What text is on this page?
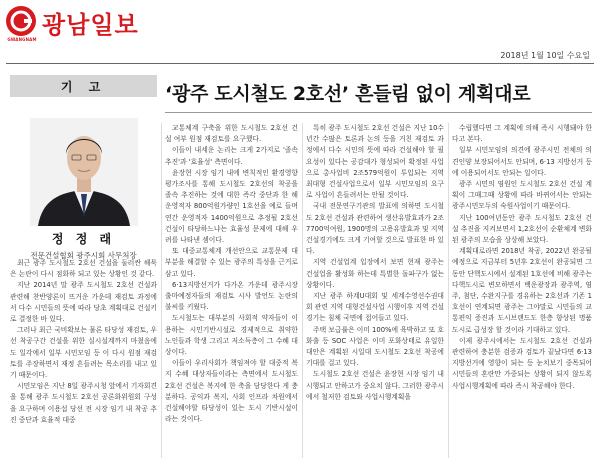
광남일보
GWANGNAM
2018년 1월 10일 수요일
기 고	‘광주 도시철도 2호선’ 흔들림 없이 계획대로
정 정 래
전문건설협회 광주시회 사무처장

최근 광주 도시철도 2호선 건설을 둘러싼 해묵은 논란이 다시 점화하 되고 있는 상황인 것 같다.

지난 2014년 말 광주 도시철도 2호선 건설과 관련해 찬반양론이 뜨거운 가운데 재검토 과정에서 다수 시민들의 뜻에 따라 당초 계획대로 건설키로 결정한 바 있다.

그러나 최근 국비확보는 물론 타당성 재검토, 우선 착공구간 건설을 위한 실시설계까지 마쳤음에도 일각에서 일부 시민모임 등 이 다시 원점 재검토를 주장하면서 재정 흔들려는 목소리를 내고 있기 때문이다.

시민모임은 지난 8일 광주시청 앞에서 기자회견을 통해 광주 도시철도 2호선 공론화위원회 구성을 요구하며 이용섭 당선 전 시장 임기 내 착공 추진 중단과 효율적 대중

교통체계 구축을 위한 도시철도 2호선 건설 여부 원점 재검토를 요구했다.

이들이 내세운 논리는 크게 2가지로 '졸속 추진'과 '효율성' 측면이다.

윤장현 시장 임기 내에 변칙적인 환경영향평가조사를 통해 도시철도 2호선의 착공을 졸속 추진하는 것에 대한 즉각 중단과 한 해 운영적자 800억원가량인 1호선을 예로 들며 연간 운영적자 1400억원으로 추정될 2호선 건설이 타당하느냐는 효율성 문제에 대해 우려를 나타낸 셈이다.

또 대중교통체계 개선안으로 교통문제 대부분을 해결할 수 있는 광주의 특성을 근거로 삼고 있다.

6·13지방선거가 다가온 가운데 광주시장 출마예정자들의 재검토 시사 발언도 논란의 불씨를 키웠다.

도시철도는 대부분의 사회적 약자들이 이용하는 시민기반시설로 경제적으로 취약한 노인들과 학생 그리고 저소득층이 그 수혜 대상이다.

이들이 우리사회가 책임져야 할 대중적 복지 수혜 대상자들이라는 측면에서 도시철도 2호선 건설은 복지에 한 축을 담당한다 게 충분하다. 공익과 복지, 사회 인프라 차원에서 건설해야할 타당성이 있는 도시 기반시설이라는 것이다.

특히 광주 도시철도 2호선 건설은 지난 10수년간 수많은 토론과 논의 등을 거친 재검토 과정에서 다수 시민의 뜻에 따라 건설해야 할 필요성이 있다는 공감대가 형성되어 확정된 사업으로 총사업비 2조579억원이 투입되는 지역 최대형 건설사업으로서 일부 시민모임의 요구로 사업이 흔들려서는 안될 것이다.

국내 전문연구기관의 발표에 의하면 도시철도 2호선 건설과 관련하여 생산유발효과가 2조7700억여원, 1900명의 고용유발효과 및 지역 건설경기에도 크게 기여할 것으로 발표한 바 있다.

지역 건설업계 입장에서 보면 현재 광주는 건설업을 활성화 하는데 특별한 돌파구가 없는 상황이다.

지난 광주 하계U대회 및 세계수영선수권대회 관련 지역 대형건설사업 시행이후 지역 건설경기는 침체 국면에 접어들고 있다.

주택 보급률은 이미 100%에 육박하고 또 호화출 등 SOC 사업은 이미 포화상태로 유일한 대안은 계획된 시일대 도시철도 2호선 착공에 기대를 걸고 있다.

도시철도 2호선 건설은 윤장현 시장 임기 내 시행되고 안하고가 중요치 않다. 그러한 광주시에서 철저한 검토와 사업시행계획을

수립했다면 그 계획에 의해 즉시 시행돼야 한다고 본다.

일부 시민모임의 의견에 광주시민 전체의 의견인양 보장되어서도 안되며, 6·13 지방선거 등에 이용되어서도 안되는 일이다.

광주 시민의 염원인 도시철도 2호선 건설 계획이 그때그때 상황에 따라 바뀌어서는 안되는 광주시민모두의 숙원사업이기 때문이다.

지난 100여년동안 광주 도시철도 2호선 건설 추진을 지켜보면서 1,2호선이 순환체계 변화된 광주의 모습을 상상해 보았다.

계획대로라면 2018년 착공, 2022년 완공될 예정으로 지금부터 5년후 2호선이 완공되면 그동안 단핵도시에서 설계된 1호선에 비해 광주는 다핵도시로 변모하면서 백운광장과 광주역, 염주, 첨단, 수완지구를 경유하는 2호선과 기존 1호선이 연계되면 광주는 그야말로 시민들의 교통편익 증진과 도시브랜드도 한층 향상된 명품도시로 급성장 할 것이라 기대하고 있다.

이제 광주시에서는 도시철도 2호선 건설과 관련하여 충분한 검증과 검토가 끝났다면 6·13지방선거에 영향이 되는 등 눈치보기 중목되어 시민들의 혼란만 가중되는 상황이 되지 않도록 사업시행계획에 따라 즉시 착공해야 한다.
